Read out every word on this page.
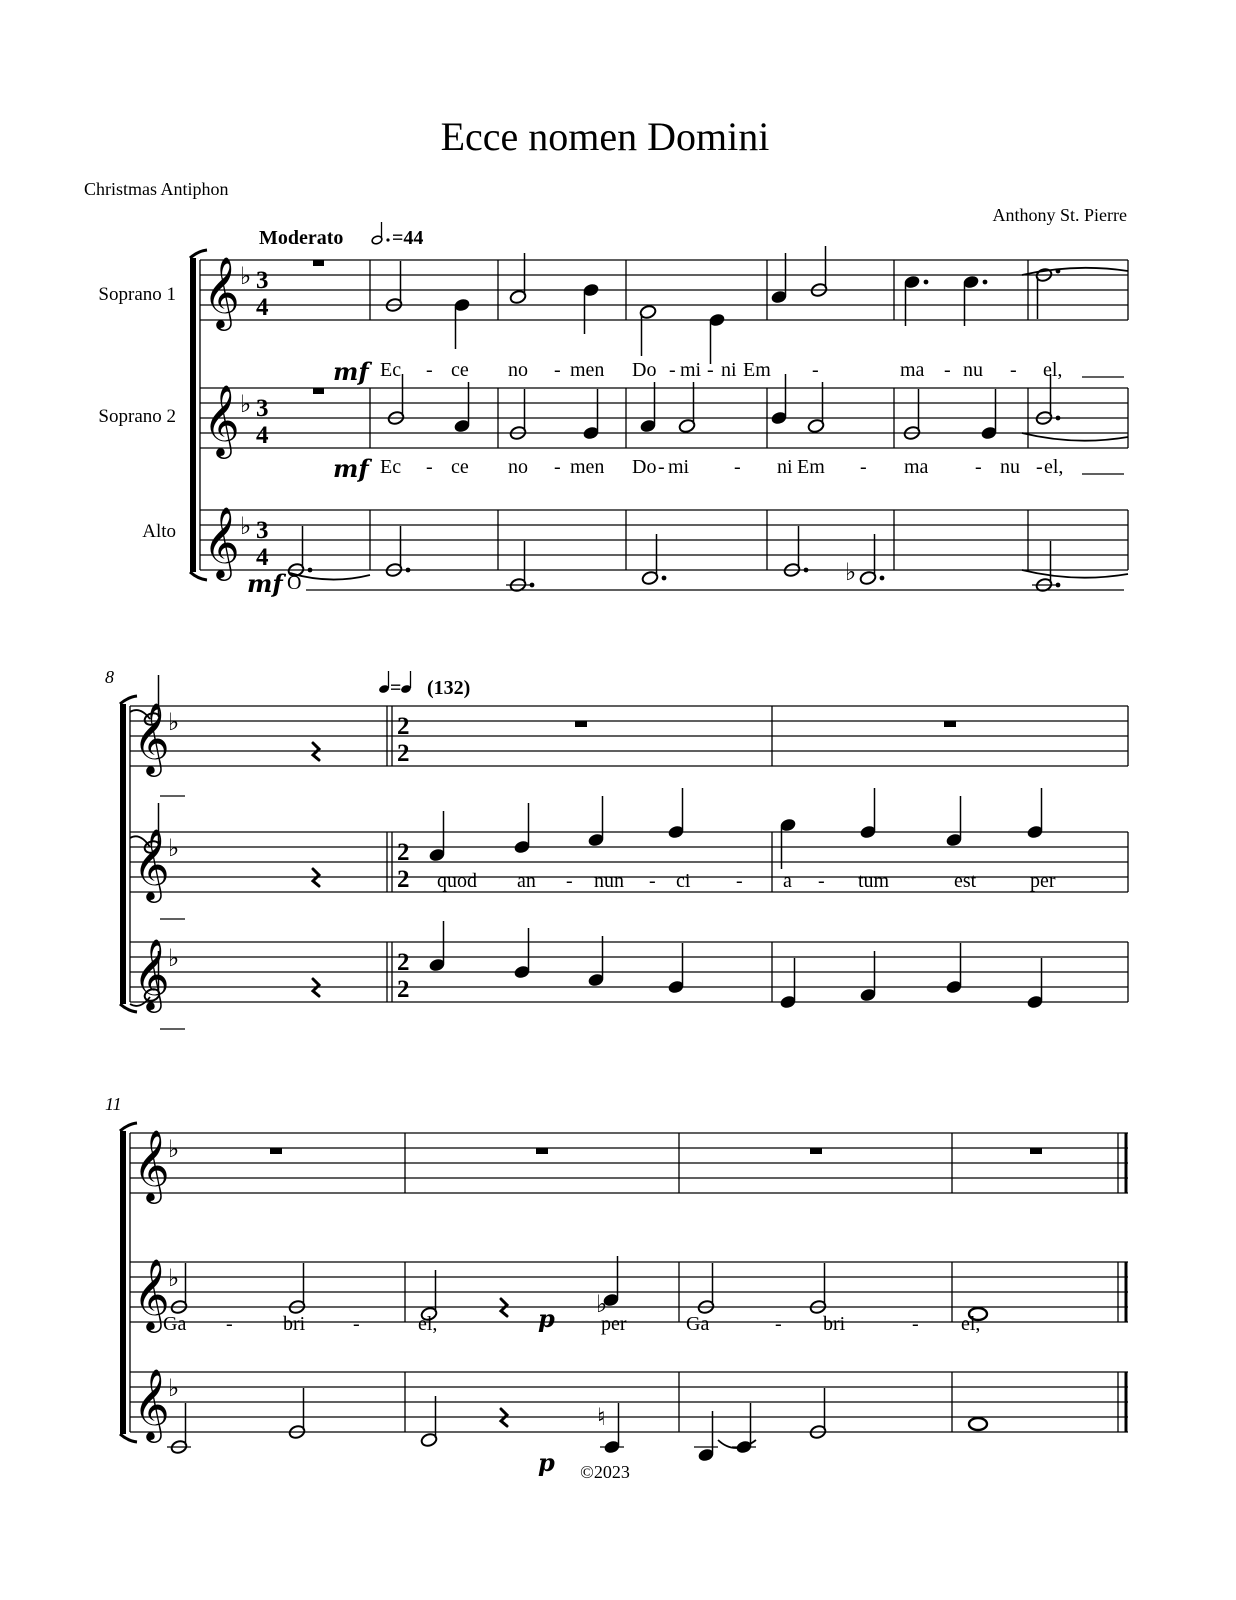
Ecce nomen Domini
Christmas Antiphon
Anthony St. Pierre
Moderato =44
Soprano 1
Soprano 2
Alto
8
11
𝄞
𝄞
𝄞
𝄞
𝄞
𝄞
𝄞
𝄞
𝄞
♭
♭
♭
♭
♭
♭
♭
♭
♭
3
4
3
4
3
4
2
2
2
2
2
2
= (132)
Ec - ce no - men Do - mi - ni Em -	ma - nu - el,
Ec - ce no - men Do - mi - ni Em - ma - nu - el,
O
quod an - nun - ci - a - tum	est	per
Ga -	bri -	el,	per	Ga	- bri	- el,
mf
mf
mf
p
p
♭
♭
♮
©2023
